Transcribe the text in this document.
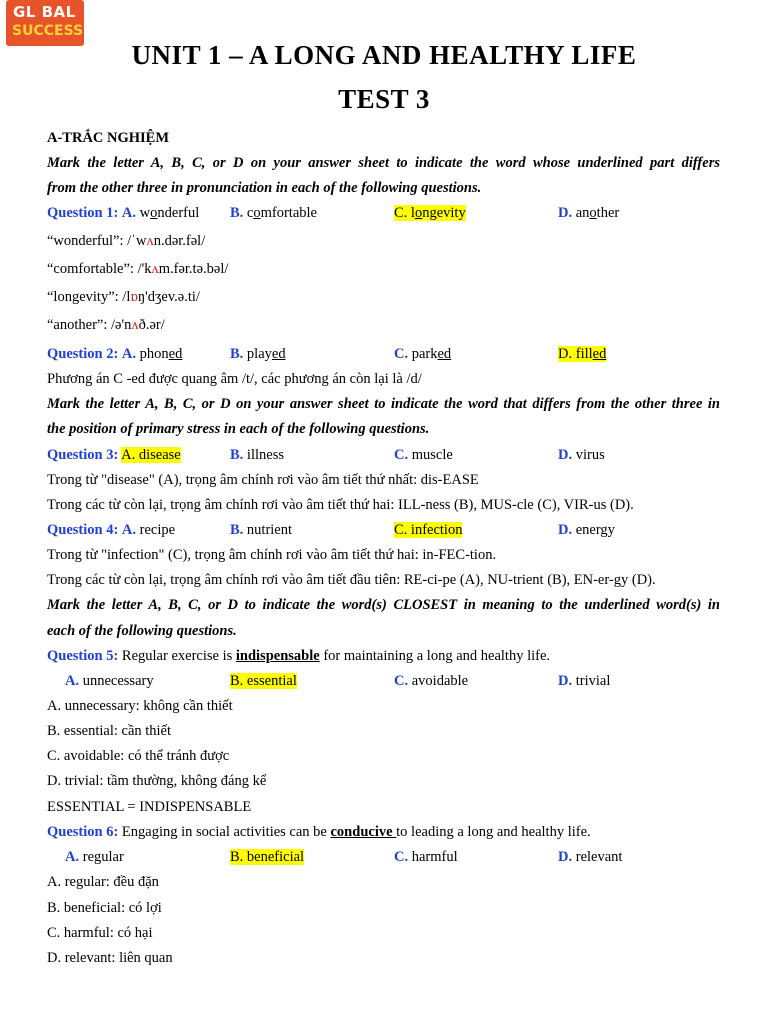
GL BAL
SUCCESS
UNIT 1 – A LONG AND HEALTHY LIFE
TEST 3
A-TRẮC NGHIỆM
Mark the letter A, B, C, or D on your answer sheet to indicate the word whose underlined part differs
from the other three in pronunciation in each of the following questions.
Question 1: A. wonderful B. comfortable	C. longevity	D. another
“wonderful”: /ˈwʌn.dər.fəl/
“comfortable”: /'kʌm.fər.tə.bəl/
“longevity”: /lɒŋ'dʒev.ə.ti/
“another”: /ə'nʌð.ər/
Question 2: A. phoned	B. played	C. parked	D. filled
Phương án C -ed được quang âm /t/, các phương án còn lại là /d/
Mark the letter A, B, C, or D on your answer sheet to indicate the word that differs from the other three in
the position of primary stress in each of the following questions.
Question 3: A. disease	B. illness	C. muscle	D. virus
Trong từ "disease" (A), trọng âm chính rơi vào âm tiết thứ nhất: dis-EASE
Trong các từ còn lại, trọng âm chính rơi vào âm tiết thứ hai: ILL-ness (B), MUS-cle (C), VIR-us (D).
Question 4: A. recipe	B. nutrient	C. infection	D. energy
Trong từ "infection" (C), trọng âm chính rơi vào âm tiết thứ hai: in-FEC-tion.
Trong các từ còn lại, trọng âm chính rơi vào âm tiết đầu tiên: RE-ci-pe (A), NU-trient (B), EN-er-gy (D).
Mark the letter A, B, C, or D to indicate the word(s) CLOSEST in meaning to the underlined word(s) in
each of the following questions.
Question 5: Regular exercise is indispensable for maintaining a long and healthy life.
A. unnecessary	B. essential	C. avoidable	D. trivial
A. unnecessary: không cần thiết
B. essential: cần thiết
C. avoidable: có thể tránh được
D. trivial: tầm thường, không đáng kể
ESSENTIAL = INDISPENSABLE
Question 6: Engaging in social activities can be conducive to leading a long and healthy life.
A. regular	B. beneficial	C. harmful	D. relevant
A. regular: đều đặn
B. beneficial: có lợi
C. harmful: có hại
D. relevant: liên quan
